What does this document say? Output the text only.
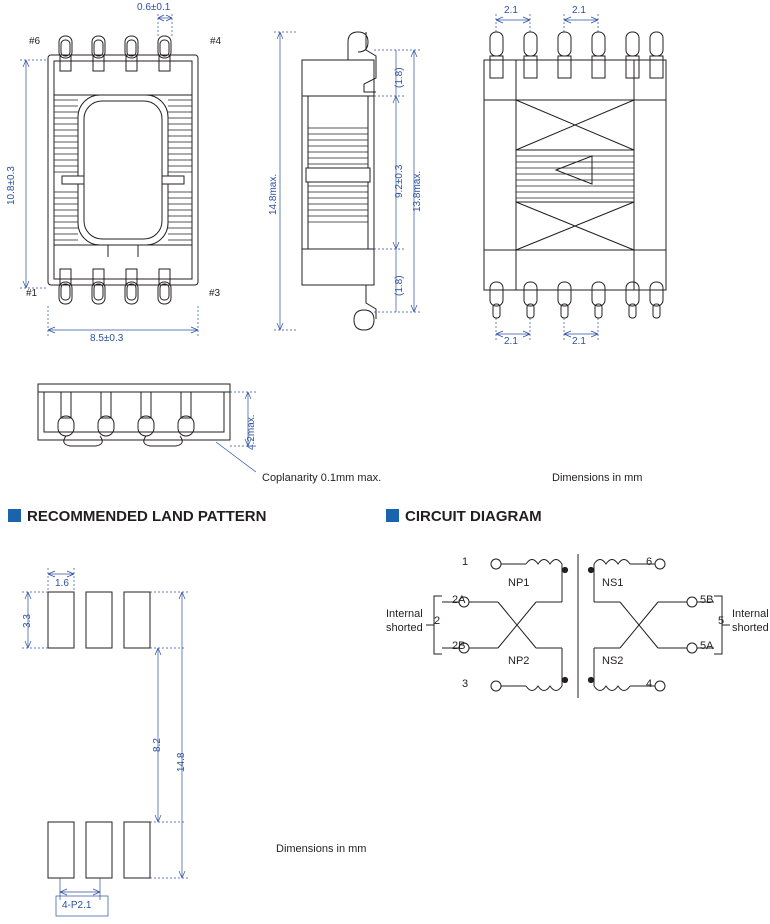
#6	#4
#1	#3
10.8±0.3
8.5±0.3
0.6±0.1
14.8max.	9.2±0.3 13.8max.
(1.8)
(1.8)
2.1	2.1
2.1	2.1
4.2max.
Coplanarity 0.1mm max.	Dimensions in mm
RECOMMENDED LAND PATTERN	CIRCUIT DIAGRAM
1.6
3.3
8.2
14.8
4-P2.1
Dimensions in mm
1
2A
2B
3
2
Internal
shorted
NP1
NP2
6
5B
5A
4
5
Internal
shorted
NS1
NS2
